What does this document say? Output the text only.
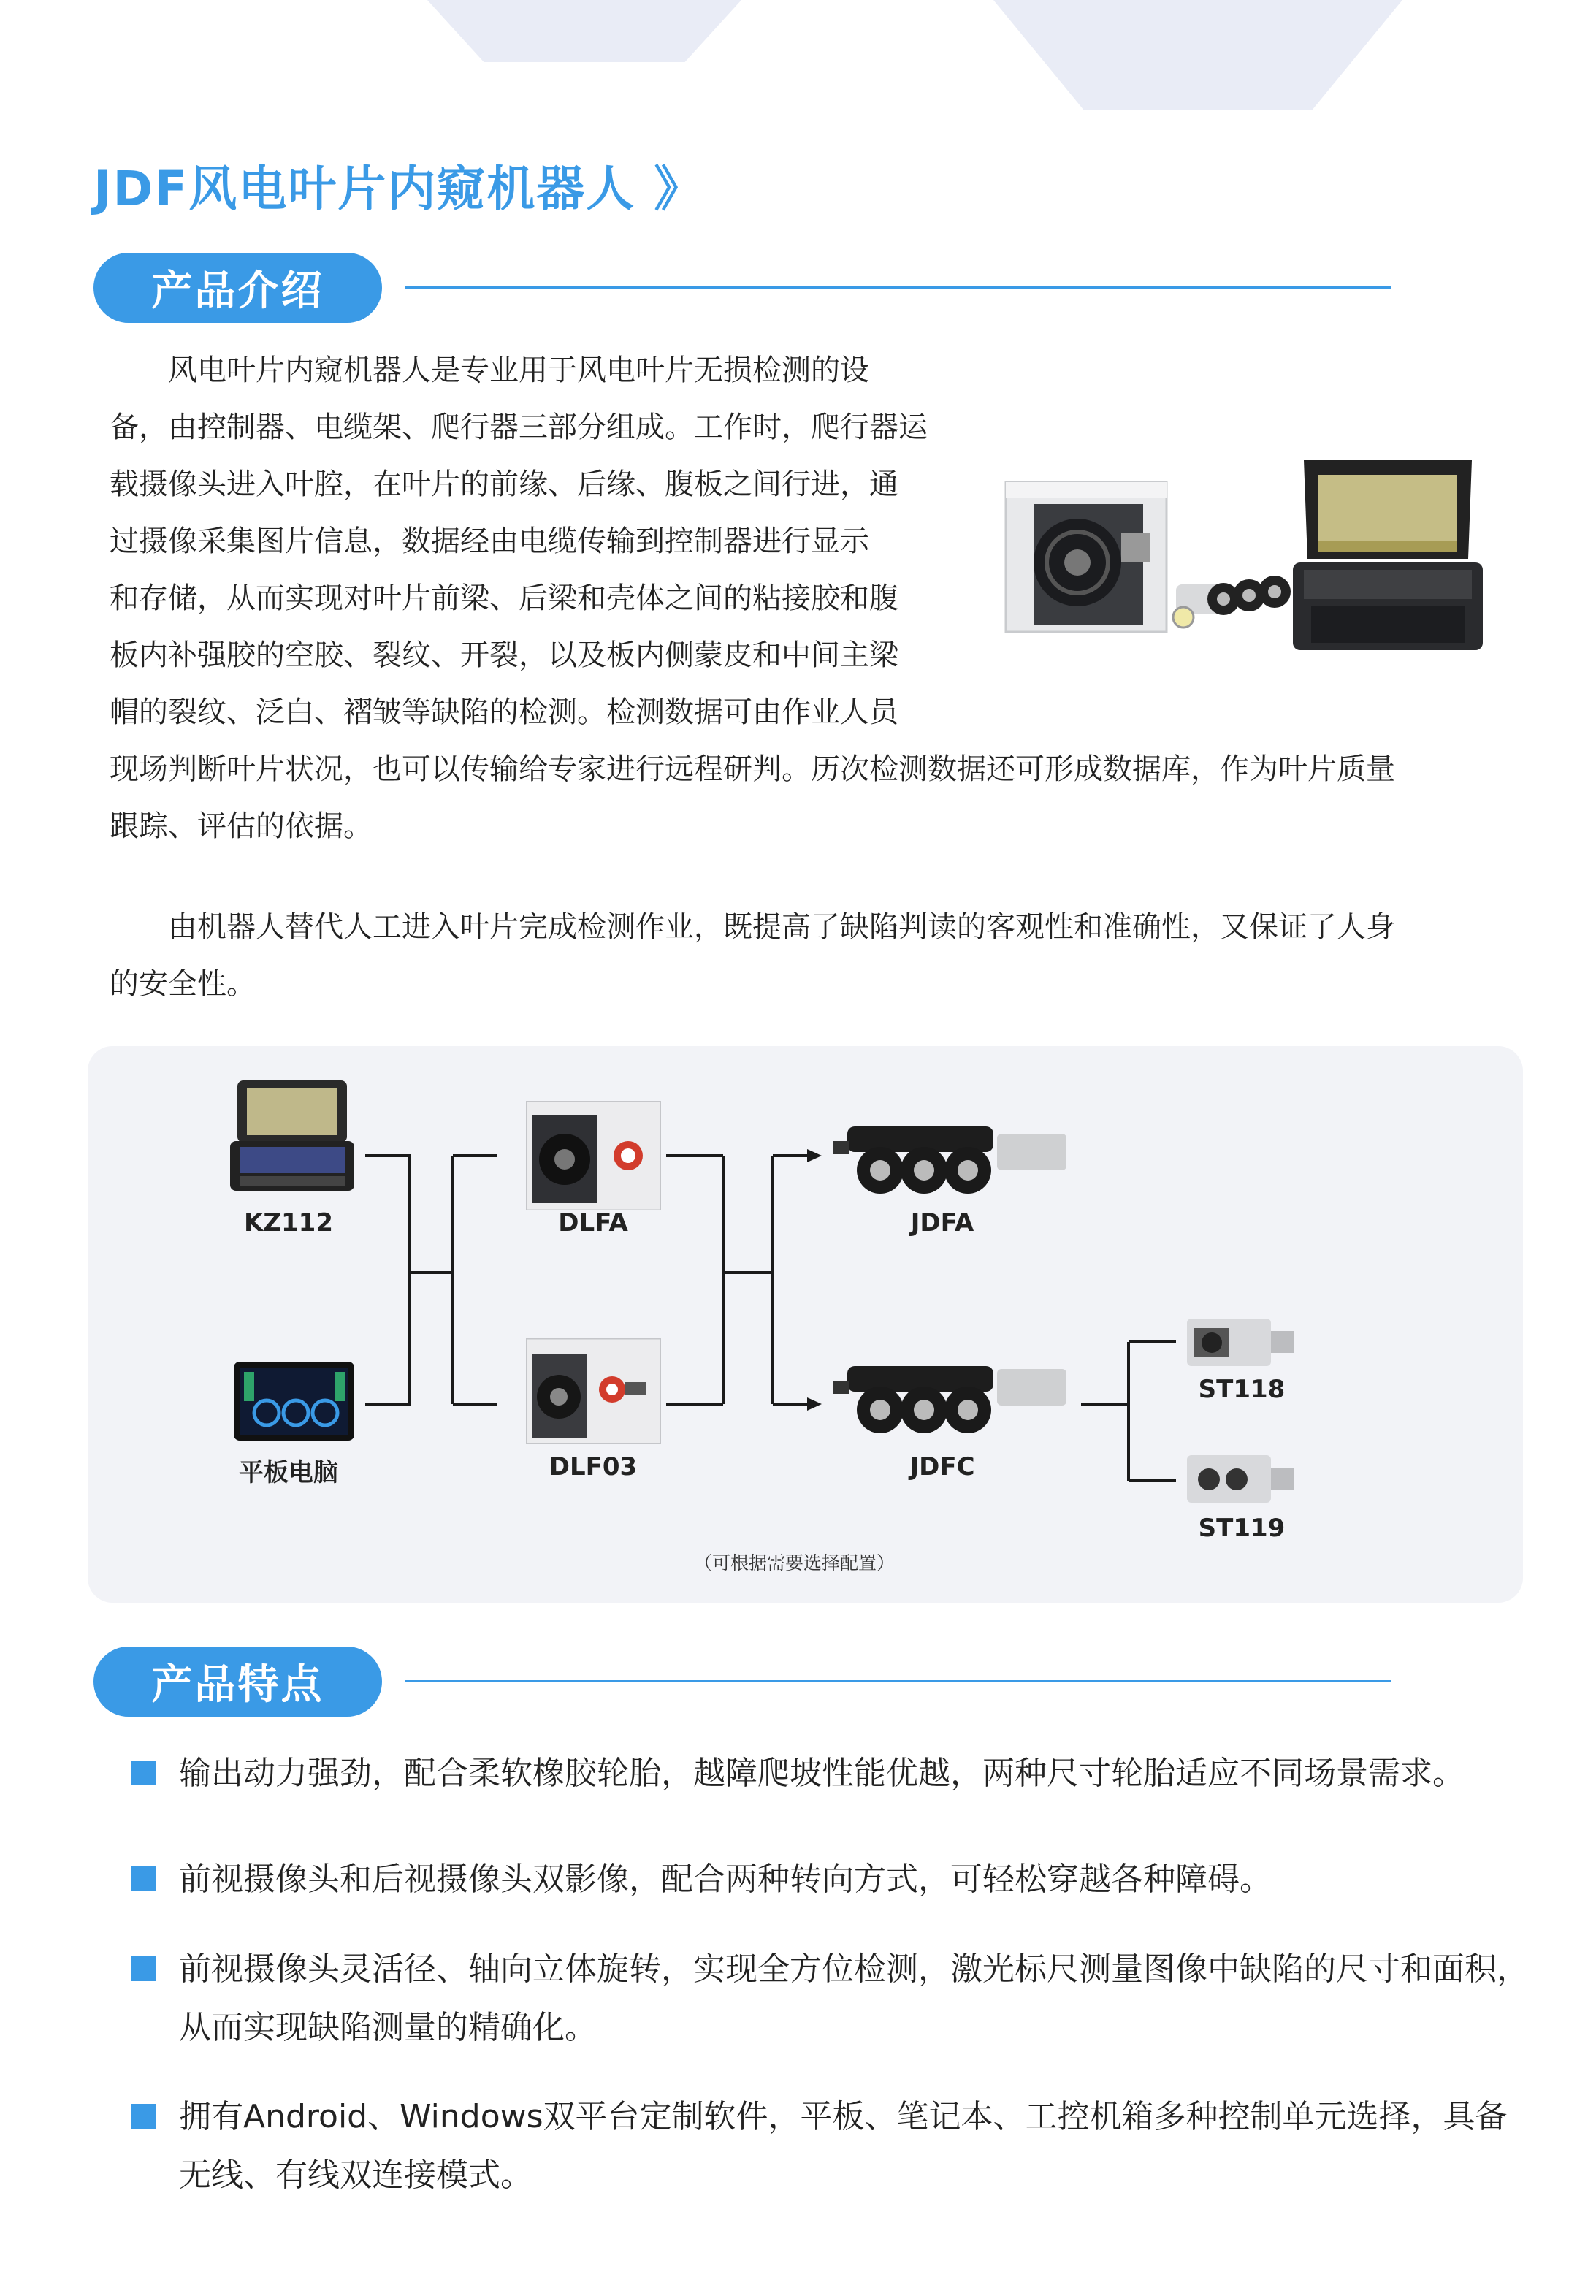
JDF风电叶片内窥机器人 》
产品介绍

　　风电叶片内窥机器人是专业用于风电叶片无损检测的设

备，由控制器、电缆架、爬行器三部分组成。工作时，爬行器运

载摄像头进入叶腔，在叶片的前缘、后缘、腹板之间行进，通

过摄像采集图片信息，数据经由电缆传输到控制器进行显示

和存储，从而实现对叶片前梁、后梁和壳体之间的粘接胶和腹

板内补强胶的空胶、裂纹、开裂，以及板内侧蒙皮和中间主梁

帽的裂纹、泛白、褶皱等缺陷的检测。检测数据可由作业人员

现场判断叶片状况，也可以传输给专家进行远程研判。历次检测数据还可形成数据库，作为叶片质量

跟踪、评估的依据。

　　由机器人替代人工进入叶片完成检测作业，既提高了缺陷判读的客观性和准确性，又保证了人身

的安全性。

KZ112
平板电脑
DLFA
DLF03
JDFA
JDFC
ST118
ST119
（可根据需要选择配置）
产品特点
输出动力强劲，配合柔软橡胶轮胎，越障爬坡性能优越，两种尺寸轮胎适应不同场景需求。
前视摄像头和后视摄像头双影像，配合两种转向方式，可轻松穿越各种障碍。
前视摄像头灵活径、轴向立体旋转，实现全方位检测，激光标尺测量图像中缺陷的尺寸和面积，从而实现缺陷测量的精确化。
拥有Android、Windows双平台定制软件，平板、笔记本、工控机箱多种控制单元选择，具备无线、有线双连接模式。
